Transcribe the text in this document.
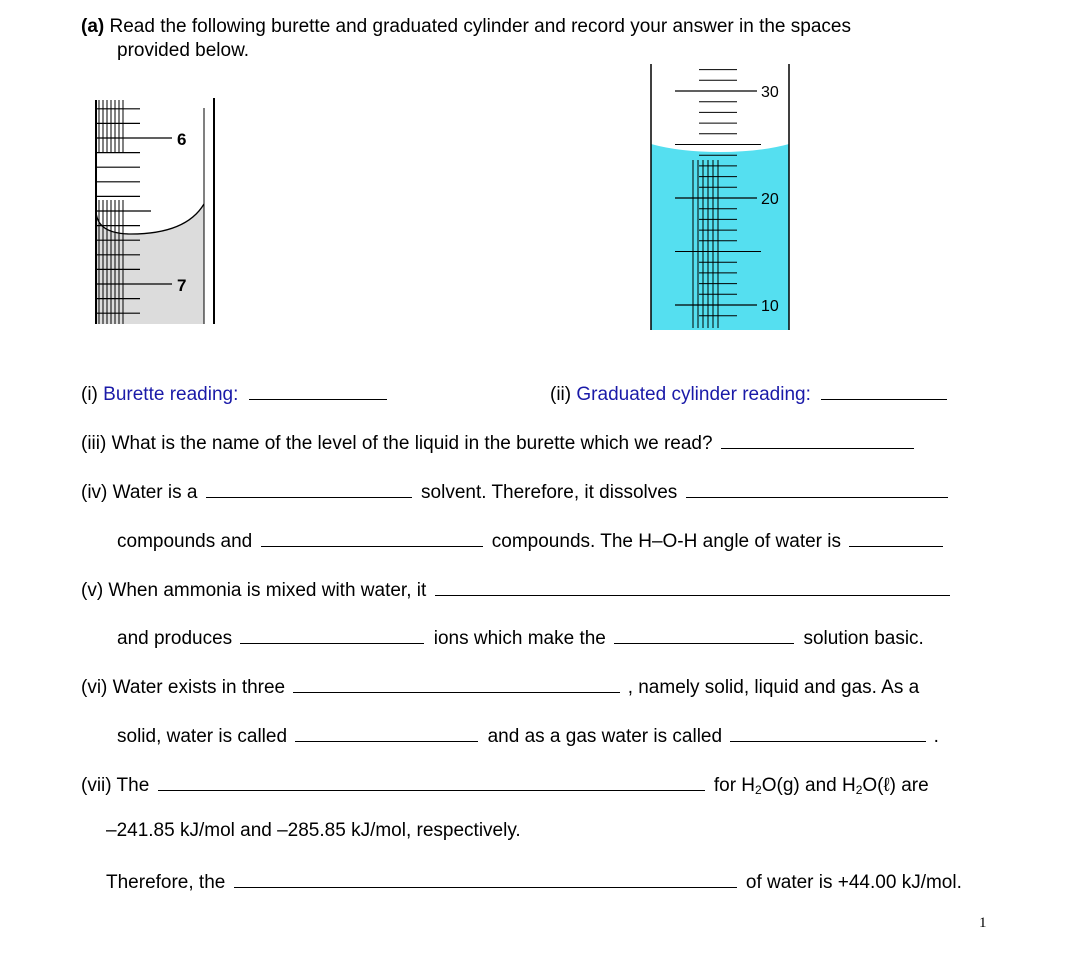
(a) Read the following burette and graduated cylinder and record your answer in the spaces
provided below.
6
7
30
20
10
(i) Burette reading:	(ii) Graduated cylinder reading:
(iii) What is the name of the level of the liquid in the burette which we read?
(iv) Water is a	solvent. Therefore, it dissolves
compounds and	compounds. The H–O-H angle of water is
(v) When ammonia is mixed with water, it
and produces	ions which make the	solution basic.
(vi) Water exists in three	, namely solid, liquid and gas. As a
solid, water is called	and as a gas water is called	.
(vii) The	for $H_2O(g)$ and $H_2O(\ell)$ are
–241.85 kJ/mol and –285.85 kJ/mol, respectively.
Therefore, the	of water is +44.00 kJ/mol.
1
